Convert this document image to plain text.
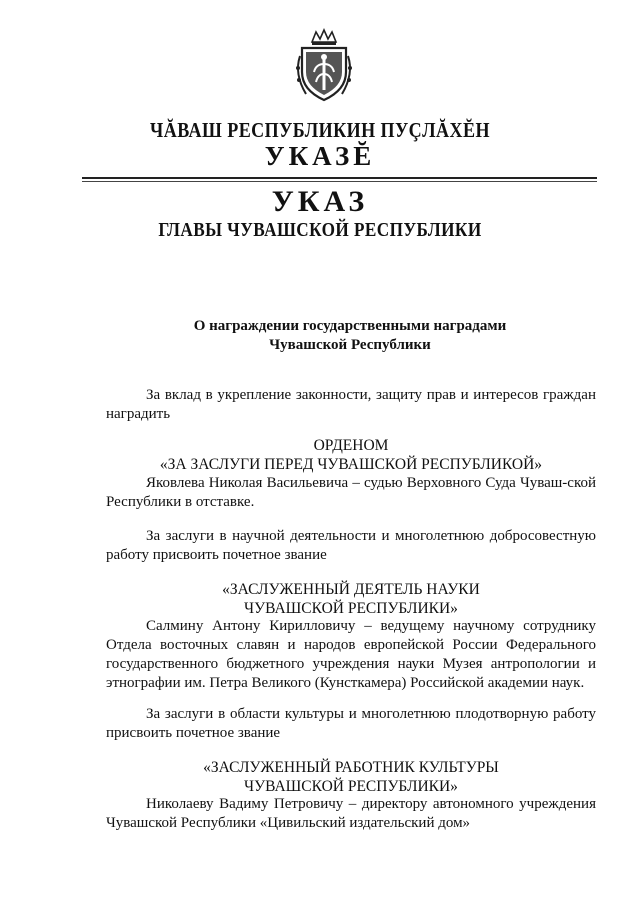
ЧĂВАШ РЕСПУБЛИКИН ПУÇЛĂХĔН
УКАЗĔ
УКАЗ
ГЛАВЫ ЧУВАШСКОЙ РЕСПУБЛИКИ
О награждении государственными наградами
Чувашской Республики
За вклад в укрепление законности, защиту прав и интересов граждан наградить
ОРДЕНОМ
«ЗА ЗАСЛУГИ ПЕРЕД ЧУВАШСКОЙ РЕСПУБЛИКОЙ»
Яковлева Николая Васильевича – судью Верховного Суда Чуваш-ской Республики в отставке.
За заслуги в научной деятельности и многолетнюю добросовестную работу присвоить почетное звание
«ЗАСЛУЖЕННЫЙ ДЕЯТЕЛЬ НАУКИ
ЧУВАШСКОЙ РЕСПУБЛИКИ»
Салмину Антону Кирилловичу – ведущему научному сотруднику Отдела восточных славян и народов европейской России Федерального государственного бюджетного учреждения науки Музея антропологии и этнографии им. Петра Великого (Кунсткамера) Российской академии наук.
За заслуги в области культуры и многолетнюю плодотворную работу присвоить почетное звание
«ЗАСЛУЖЕННЫЙ РАБОТНИК КУЛЬТУРЫ
ЧУВАШСКОЙ РЕСПУБЛИКИ»
Николаеву Вадиму Петровичу – директору автономного учреждения Чувашской Республики «Цивильский издательский дом»
